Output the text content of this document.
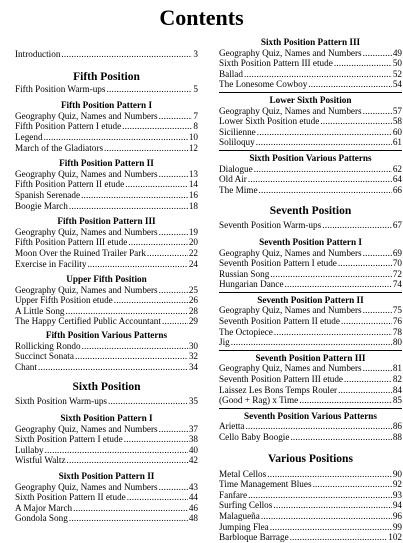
Contents
Introduction .....	3
Fifth Position
Fifth Position Warm-ups .....	5
Fifth Position Pattern I
Geography Quiz, Names and Numbers .....	7
Fifth Position Pattern I etude .....	8
Legend .....	10
March of the Gladiators .....	12
Fifth Position Pattern II
Geography Quiz, Names and Numbers .....	13
Fifth Position Pattern II etude .....	14
Spanish Serenade .....	16
Boogie March .....	18
Fifth Position Pattern III
Geography Quiz, Names and Numbers .....	19
Fifth Position Pattern III etude .....	20
Moon Over the Ruined Trailer Park .....	22
Exercise in Facility .....	24
Upper Fifth Position
Geography Quiz, Names and Numbers .....	25
Upper Fifth Position etude .....	26
A Little Song .....	28
The Happy Certified Public Accountant .....	29
Fifth Position Various Patterns
Rollicking Rondo .....	30
Succinct Sonata .....	32
Chant .....	34
Sixth Position
Sixth Position Warm-ups .....	35
Sixth Position Pattern I
Geography Quiz, Names and Numbers .....	37
Sixth Position Pattern I etude .....	38
Lullaby .....	40
Wistful Waltz .....	42
Sixth Position Pattern II
Geography Quiz, Names and Numbers .....	43
Sixth Position Pattern II etude .....	44
A Major March .....	46
Gondola Song .....	48
Sixth Position Pattern III
Geography Quiz, Names and Numbers .....	49
Sixth Position Pattern III etude .....	50
Ballad .....	52
The Lonesome Cowboy .....	54
Lower Sixth Position
Geography Quiz, Names and Numbers .....	57
Lower Sixth Position etude .....	58
Sicilienne .....	60
Soliloquy .....	61
Sixth Position Various Patterns
Dialogue .....	62
Old Air .....	64
The Mime .....	66
Seventh Position
Seventh Position Warm-ups .....	67
Seventh Position Pattern I
Geography Quiz, Names and Numbers .....	69
Seventh Position Pattern I etude .....	70
Russian Song .....	72
Hungarian Dance .....	74
Seventh Position Pattern II
Geography Quiz, Names and Numbers .....	75
Seventh Position Pattern II etude .....	76
The Octopiece .....	78
Jig .....	80
Seventh Position Pattern III
Geography Quiz, Names and Numbers .....	81
Seventh Position Pattern III etude .....	82
Laissez Les Bons Temps Rouler .....	84
(Good + Rag) x Time .....	85
Seventh Position Various Patterns
Arietta .....	86
Cello Baby Boogie .....	88
Various Positions
Metal Cellos .....	90
Time Management Blues .....	92
Fanfare .....	93
Surfing Cellos .....	94
Malagueña .....	96
Jumping Flea .....	99
Barbloque Barrage .....	102
